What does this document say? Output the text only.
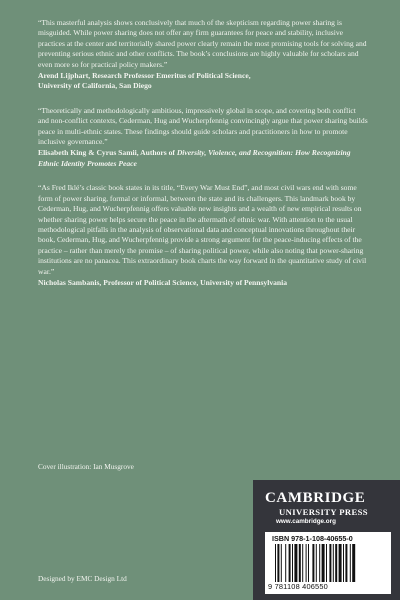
“This masterful analysis shows conclusively that much of the skepticism regarding power sharing is misguided. While power sharing does not offer any firm guarantees for peace and stability, inclusive practices at the center and territorially shared power clearly remain the most promising tools for solving and preventing serious ethnic and other conflicts. The book’s conclusions are highly valuable for scholars and even more so for practical policy makers.”

Arend Lijphart, Research Professor Emeritus of Political Science,
University of California, San Diego

“Theoretically and methodologically ambitious, impressively global in scope, and covering both conflict and non-conflict contexts, Cederman, Hug and Wucherpfennig convincingly argue that power sharing builds peace in multi-ethnic states. These findings should guide scholars and practitioners in how to promote inclusive governance.”

Elisabeth King & Cyrus Samii, Authors of Diversity, Violence, and Recognition: How Recognizing Ethnic Identity Promotes Peace

“As Fred Iklé’s classic book states in its title, “Every War Must End”, and most civil wars end with some form of power sharing, formal or informal, between the state and its challengers. This landmark book by Cederman, Hug, and Wucherpfennig offers valuable new insights and a wealth of new empirical results on whether sharing power helps secure the peace in the aftermath of ethnic war. With attention to the usual methodological pitfalls in the analysis of observational data and conceptual innovations throughout their book, Cederman, Hug, and Wucherpfennig provide a strong argument for the peace-inducing effects of the practice – rather than merely the promise – of sharing political power, while also noting that power-sharing institutions are no panacea. This extraordinary book charts the way forward in the quantitative study of civil war.”

Nicholas Sambanis, Professor of Political Science, University of Pennsylvania

Cover illustration: Ian Musgrove
Designed by EMC Design Ltd
CAMBRIDGE
UNIVERSITY PRESS
www.cambridge.org
ISBN 978-1-108-40655-0
9 781108 406550
